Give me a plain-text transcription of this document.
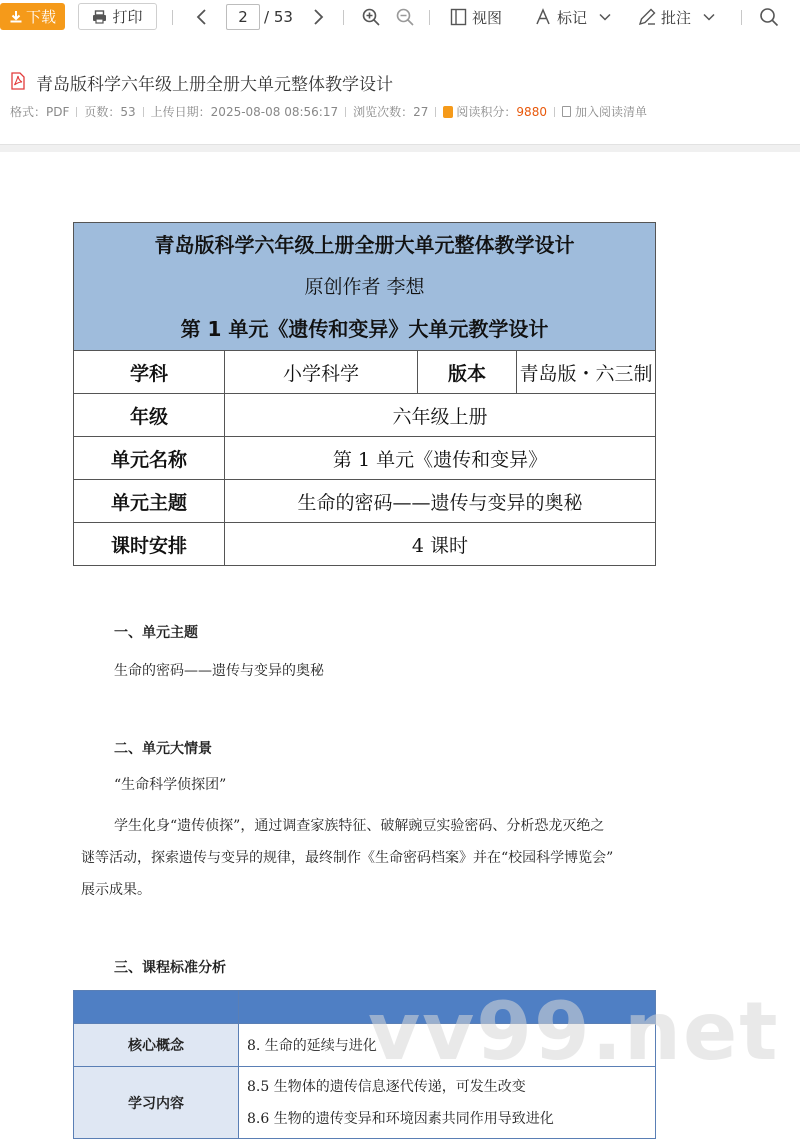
下载	打印	2	/ 53	视图	标记	批注
青岛版科学六年级上册全册大单元整体教学设计
格式：PDF 页数：53 上传日期：2025-08-08 08:56:17 浏览次数：27 阅读积分： 9880 加入阅读清单
青岛版科学六年级上册全册大单元整体教学设计
原创作者 李想
第 1 单元《遗传和变异》大单元教学设计			

学科	小学科学	版本	青岛版・六三制
年级	六年级上册		
单元名称	第 1 单元《遗传和变异》		
单元主题	生命的密码——遗传与变异的奥秘		
课时安排	4 课时		
一、单元主题
生命的密码——遗传与变异的奥秘
二、单元大情景
“生命科学侦探团”
学生化身“遗传侦探”，通过调查家族特征、破解豌豆实验密码、分析恐龙灭绝之
谜等活动，探索遗传与变异的规律，最终制作《生命密码档案》并在“校园科学博览会”
展示成果。
三、课程标准分析

核心概念	8. 生命的延续与进化
学习内容	8.5 生物体的遗传信息逐代传递，可发生改变
8.6 生物的遗传变异和环境因素共同作用导致进化
vv99.net
